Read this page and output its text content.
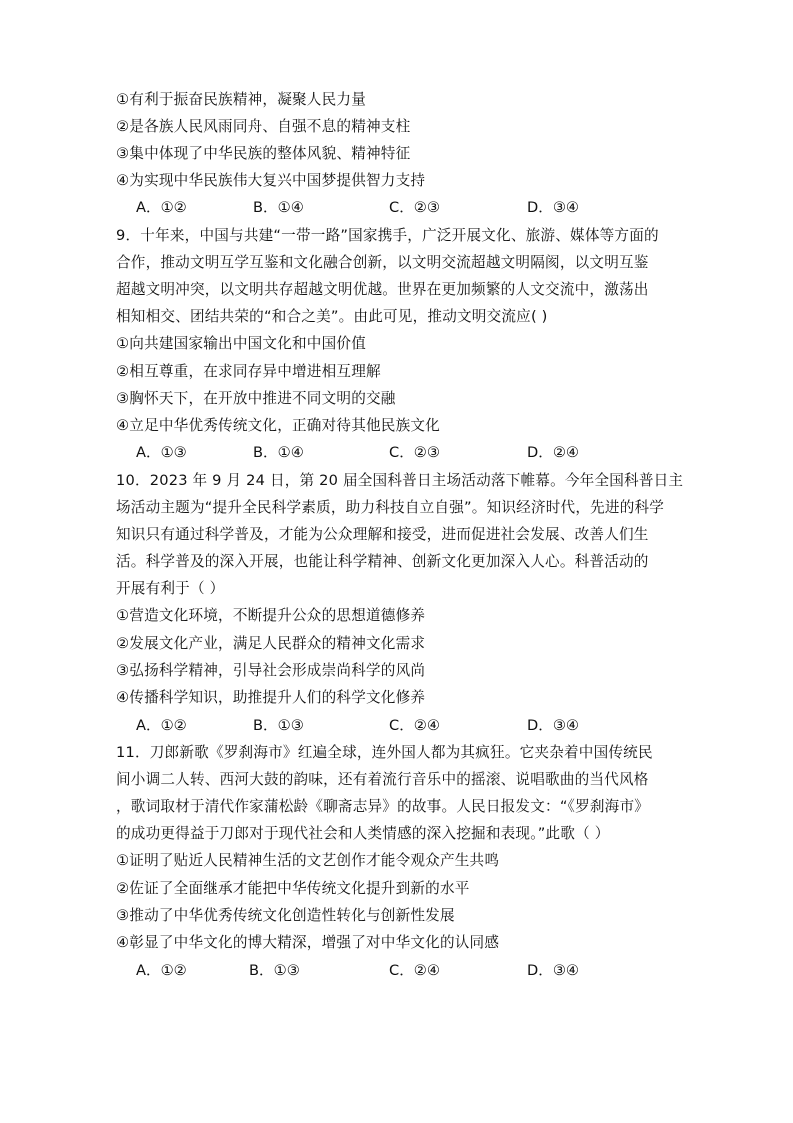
①有利于振奋民族精神，凝聚人民力量
②是各族人民风雨同舟、自强不息的精神支柱
③集中体现了中华民族的整体风貌、精神特征
④为实现中华民族伟大复兴中国梦提供智力支持
A．①②	B．①④	C．②③	D．③④
9．十年来，中国与共建“一带一路”国家携手，广泛开展文化、旅游、媒体等方面的
合作，推动文明互学互鉴和文化融合创新，以文明交流超越文明隔阂，以文明互鉴
超越文明冲突，以文明共存超越文明优越。世界在更加频繁的人文交流中，激荡出
相知相交、团结共荣的“和合之美”。由此可见，推动文明交流应( )
①向共建国家输出中国文化和中国价值
②相互尊重，在求同存异中增进相互理解
③胸怀天下，在开放中推进不同文明的交融
④立足中华优秀传统文化，正确对待其他民族文化
A．①③	B．①④	C．②③	D．②④
10．2023 年 9 月 24 日，第 20 届全国科普日主场活动落下帷幕。今年全国科普日主
场活动主题为“提升全民科学素质，助力科技自立自强”。知识经济时代，先进的科学
知识只有通过科学普及，才能为公众理解和接受，进而促进社会发展、改善人们生
活。科学普及的深入开展，也能让科学精神、创新文化更加深入人心。科普活动的
开展有利于（ ）
①营造文化环境，不断提升公众的思想道德修养
②发展文化产业，满足人民群众的精神文化需求
③弘扬科学精神，引导社会形成崇尚科学的风尚
④传播科学知识，助推提升人们的科学文化修养
A．①②	B．①③	C．②④	D．③④
11．刀郎新歌《罗刹海市》红遍全球，连外国人都为其疯狂。它夹杂着中国传统民
间小调二人转、西河大鼓的韵味，还有着流行音乐中的摇滚、说唱歌曲的当代风格
，歌词取材于清代作家蒲松龄《聊斋志异》的故事。人民日报发文：“《罗刹海市》
的成功更得益于刀郎对于现代社会和人类情感的深入挖掘和表现。”此歌（ ）
①证明了贴近人民精神生活的文艺创作才能令观众产生共鸣
②佐证了全面继承才能把中华传统文化提升到新的水平
③推动了中华优秀传统文化创造性转化与创新性发展
④彰显了中华文化的博大精深，增强了对中华文化的认同感
A．①②	B．①③	C．②④	D．③④
